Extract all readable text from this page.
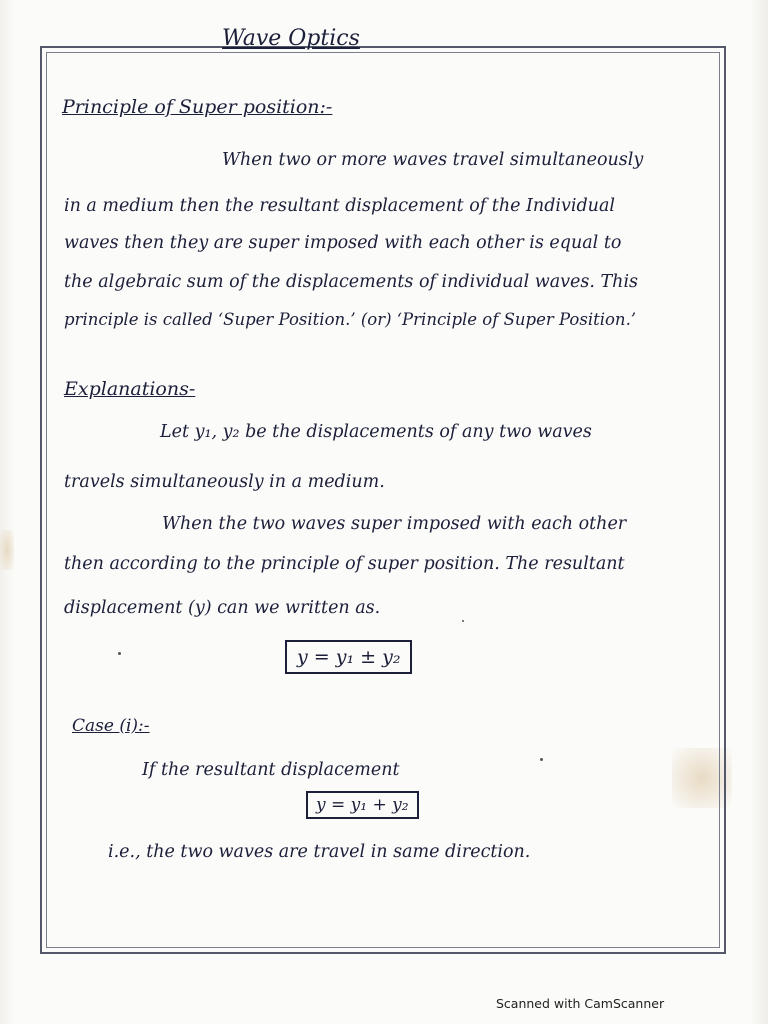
Wave Optics
Principle of Super position:-
When two or more waves travel simultaneously
in a medium then the resultant displacement of the Individual
waves then they are super imposed with each other is equal to
the algebraic sum of the displacements of individual waves. This
principle is called ‘Super Position.’ (or) ‘Principle of Super Position.’
Explanations-
Let y₁, y₂ be the displacements of any two waves
travels simultaneously in a medium.
When the two waves super imposed with each other
then according to the principle of super position. The resultant
displacement (y) can we written as.
y = y₁ ± y₂
Case (i):-
If the resultant displacement
y = y₁ + y₂
i.e., the two waves are travel in same direction.
Scanned with CamScanner
